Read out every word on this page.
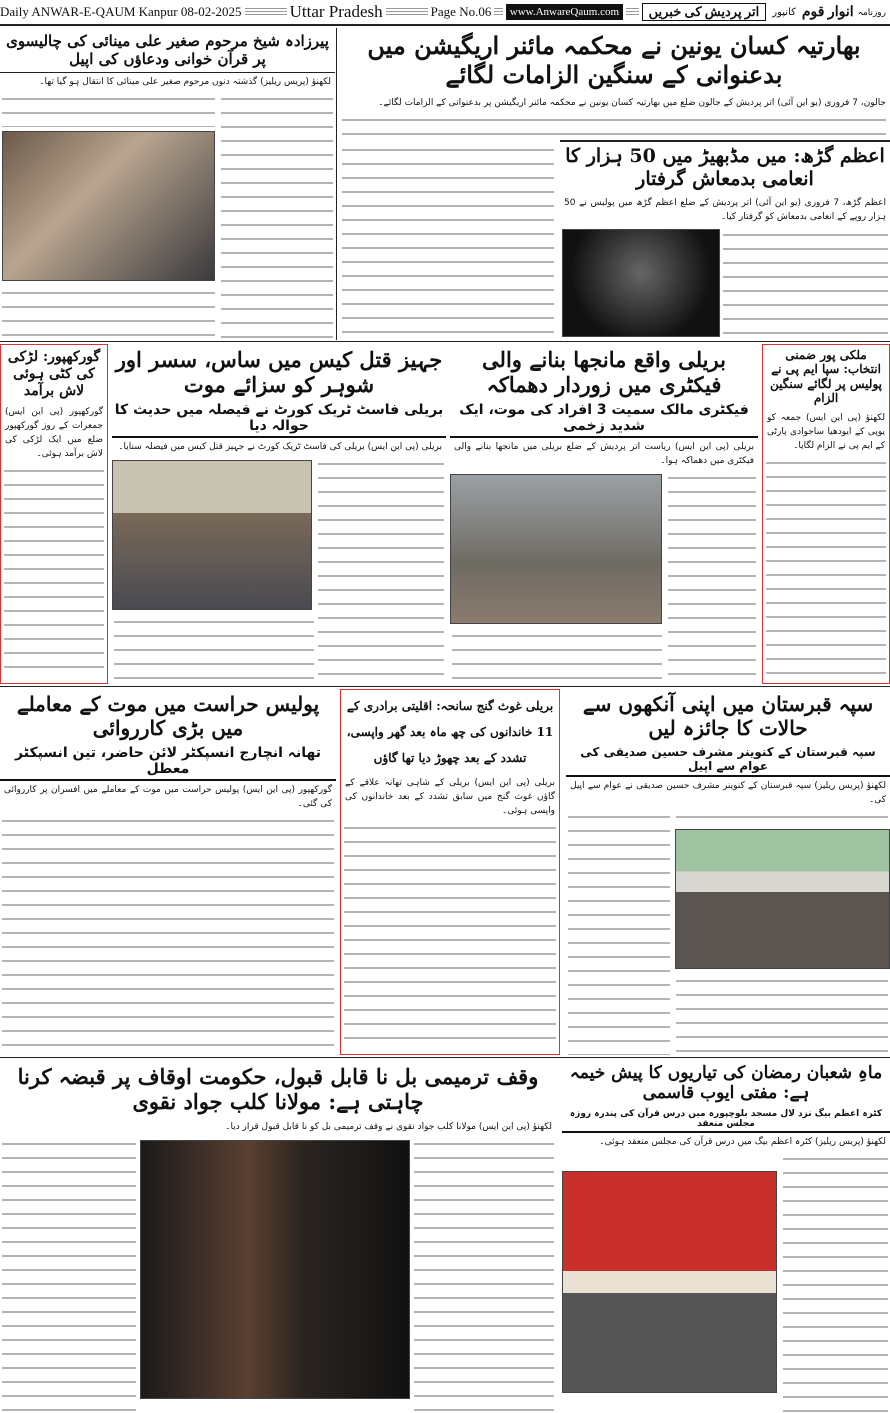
Daily ANWAR-E-QAUM Kanpur 08-02-2025	Uttar Pradesh	Page No.06	www.AnwareQaum.com	اتر پردیش کی خبریں	کانپور انوار قوم روزنامہ
بھارتیہ کسان یونین نے محکمہ مائنر اریگیشن میں بدعنوانی کے سنگین الزامات لگائے
جالون، 7 فروری (یو این آئی) اتر پردیش کے جالون ضلع میں بھارتیہ کسان یونین نے محکمہ مائنر اریگیشن پر بدعنوانی کے الزامات لگائے۔
اعظم گڑھ: میں مڈبھیڑ میں 50 ہزار کا انعامی بدمعاش گرفتار
اعظم گڑھ، 7 فروری (یو این آئی) اتر پردیش کے ضلع اعظم گڑھ میں پولیس نے 50 ہزار روپے کے انعامی بدمعاش کو گرفتار کیا۔
پیرزادہ شیخ مرحوم صغیر علی مینائی کی چالیسوی پر قرآن خوانی ودعاؤں کی اپیل
لکھنؤ (پریس ریلیز) گذشتہ دنوں مرحوم صغیر علی مینائی کا انتقال ہو گیا تھا۔
ملکی پور ضمنی انتخاب: سپا ایم پی نے پولیس پر لگائے سنگین الزام
لکھنؤ (پی این ایس) جمعہ کو یوپی کے ایودھیا ساجوادی پارٹی کے ایم پی نے الزام لگایا۔
بریلی واقع مانجھا بنانے والی فیکٹری میں زوردار دھماکہ
فیکٹری مالک سمیت 3 افراد کی موت، ایک شدید زخمی
بریلی (پی این ایس) ریاست اتر پردیش کے ضلع بریلی میں مانجھا بنانے والی فیکٹری میں دھماکہ ہوا۔
جہیز قتل کیس میں ساس، سسر اور شوہر کو سزائے موت
بریلی فاسٹ ٹریک کورٹ نے فیصلہ میں حدیث کا حوالہ دیا
بریلی (پی این ایس) بریلی کی فاسٹ ٹریک کورٹ نے جہیز قتل کیس میں فیصلہ سنایا۔
گورکھپور: لڑکی کی کٹی ہوئی لاش برآمد
گورکھپور (پی این ایس) جمعرات کے روز گورکھپور ضلع میں ایک لڑکی کی لاش برآمد ہوئی۔
سپہ قبرستان میں اپنی آنکھوں سے حالات کا جائزہ لیں
سپہ قبرستان کے کنوینر مشرف حسین صدیقی کی عوام سے اپیل
لکھنؤ (پریس ریلیز) سپہ قبرستان کے کنوینر مشرف حسین صدیقی نے عوام سے اپیل کی۔
بریلی غوث گنج سانحہ: اقلیتی برادری کے 11 خاندانوں کی چھ ماہ بعد گھر واپسی، تشدد کے بعد چھوڑ دیا تھا گاؤں
بریلی (پی این ایس) بریلی کے شاہی تھانہ علاقے کے گاؤں غوث گنج میں سابق تشدد کے بعد خاندانوں کی واپسی ہوئی۔
پولیس حراست میں موت کے معاملے میں بڑی کارروائی
تھانہ انچارج انسپکٹر لائن حاضر، تین انسپکٹر معطل
گورکھپور (پی این ایس) پولیس حراست میں موت کے معاملے میں افسران پر کارروائی کی گئی۔
ماہِ شعبان رمضان کی تیاریوں کا پیش خیمہ ہے: مفتی ایوب قاسمی
کٹرہ اعظم بیگ نزد لال مسجد بلوچپورہ میں درس قرآن کی پندرہ روزہ مجلس منعقد
لکھنؤ (پریس ریلیز) کٹرہ اعظم بیگ میں درس قرآن کی مجلس منعقد ہوئی۔
وقف ترمیمی بل نا قابل قبول، حکومت اوقاف پر قبضہ کرنا چاہتی ہے: مولانا کلب جواد نقوی
لکھنؤ (پی این ایس) مولانا کلب جواد نقوی نے وقف ترمیمی بل کو نا قابل قبول قرار دیا۔
